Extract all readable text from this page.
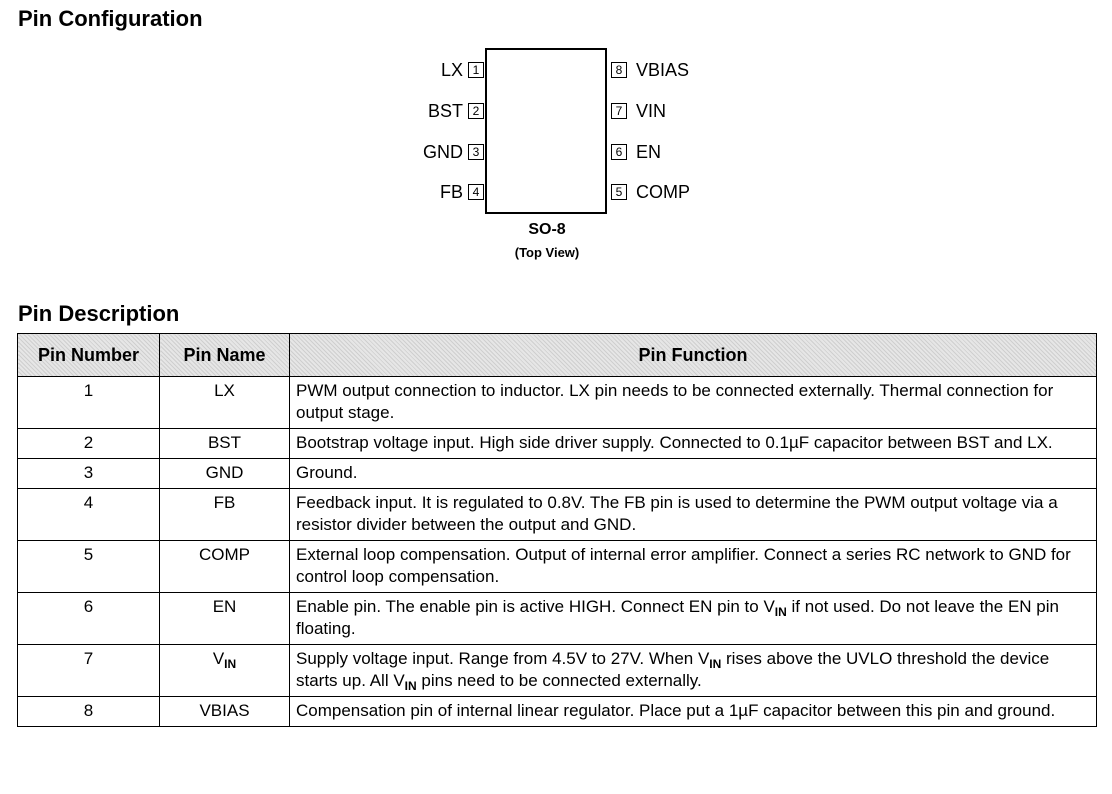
Pin Configuration
SO-8
(Top View)
1
LX
2
BST
3
GND
4
FB
8 VBIAS
7 VIN
6 EN
5 COMP
Pin Description
Pin Number	Pin Name	Pin Function
1	LX	PWM output connection to inductor. LX pin needs to be connected externally. Thermal connection for output stage.
2	BST	Bootstrap voltage input. High side driver supply. Connected to 0.1µF capacitor between BST and LX.
3	GND	Ground.
4	FB	Feedback input. It is regulated to 0.8V. The FB pin is used to determine the PWM output voltage via a resistor divider between the output and GND.
5	COMP	External loop compensation. Output of internal error amplifier. Connect a series RC network to GND for control loop compensation.
6	EN	Enable pin. The enable pin is active HIGH. Connect EN pin to $V_{IN}$ if not used. Do not leave the EN pin floating.
7	$V_{IN}$	Supply voltage input. Range from 4.5V to 27V. When $V_{IN}$ rises above the UVLO threshold the device starts up. All $V_{IN}$ pins need to be connected externally.
8	VBIAS	Compensation pin of internal linear regulator. Place put a 1µF capacitor between this pin and ground.
